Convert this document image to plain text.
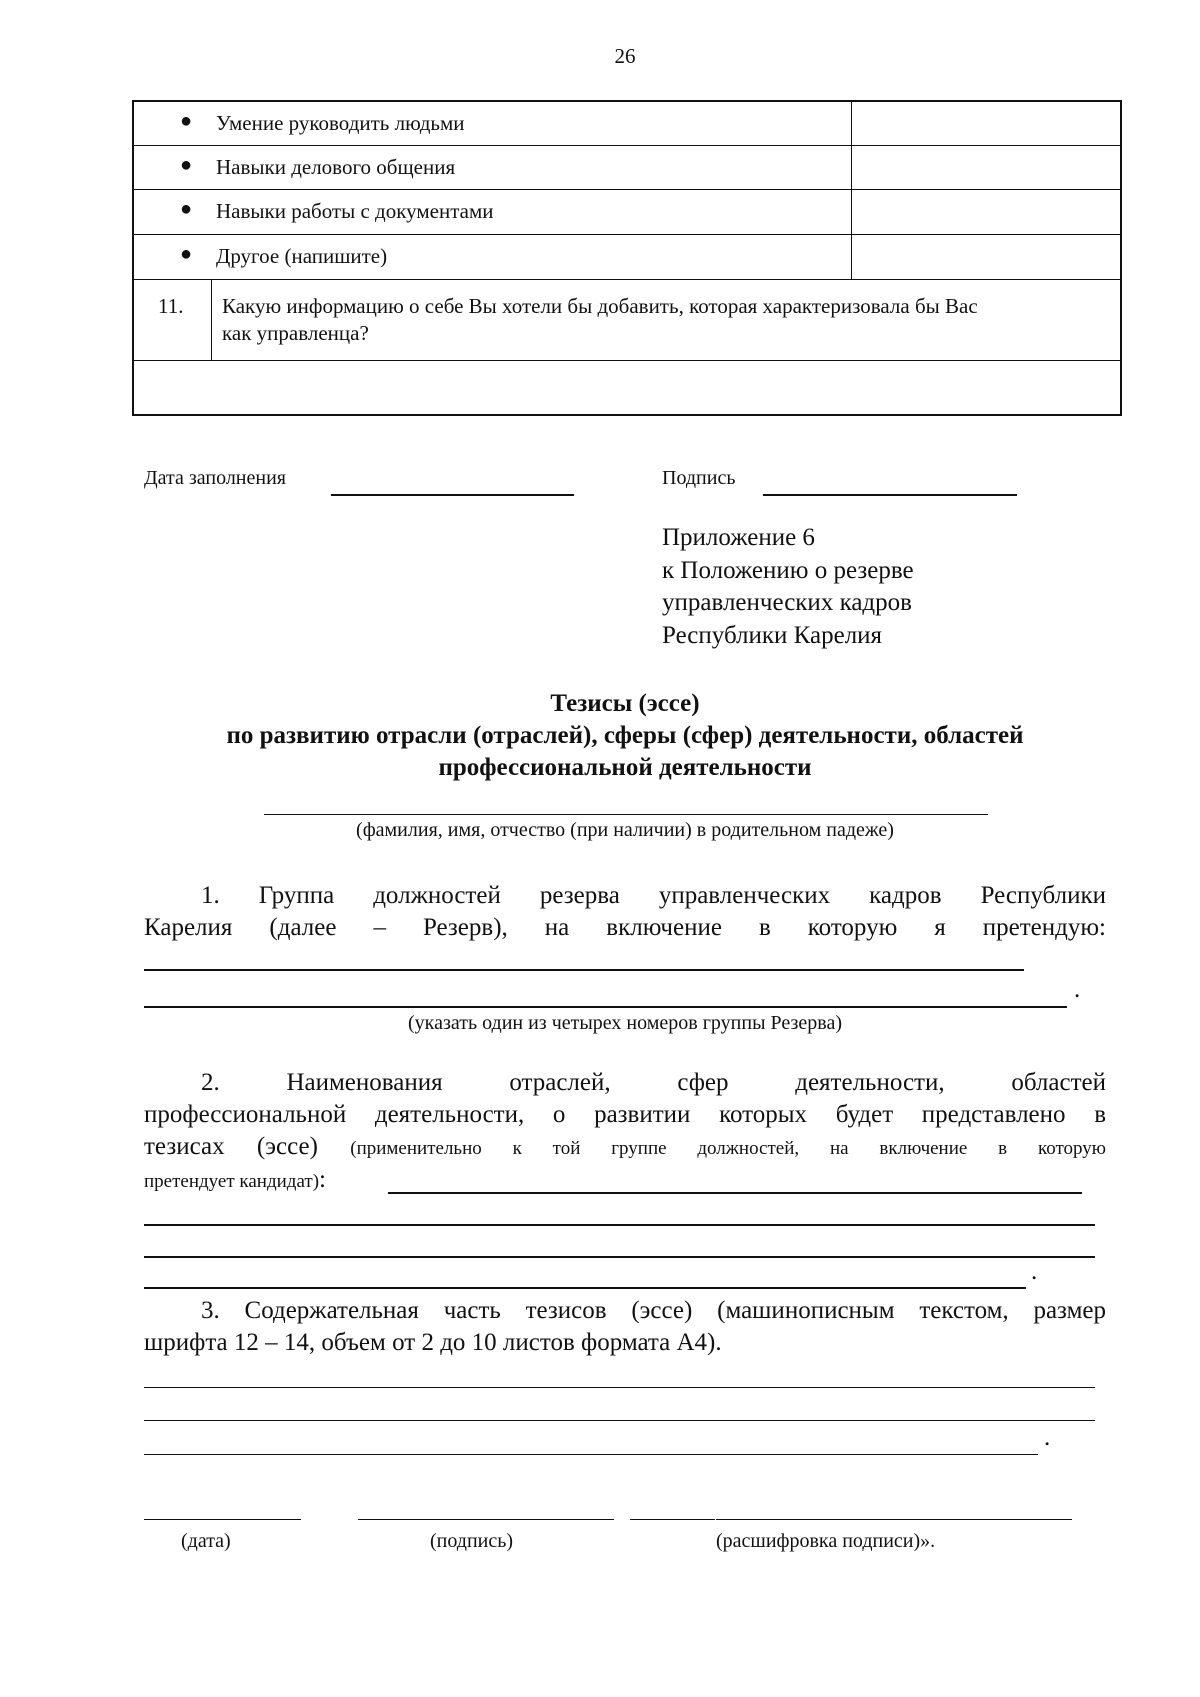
26
● Умение руководить людьми
● Навыки делового общения
● Навыки работы с документами
● Другое (напишите)
11. Какую информацию о себе Вы хотели бы добавить, которая характеризовала бы Вас
как управленца?
Дата заполнения	Подпись
Приложение 6
к Положению о резерве
управленческих кадров
Республики Карелия
Тезисы (эссе)
по развитию отрасли (отраслей), сферы (сфер) деятельности, областей
профессиональной деятельности
(фамилия, имя, отчество (при наличии) в родительном падеже)
1. Группа должностей резерва управленческих кадров Республики
Карелия (далее – Резерв), на включение в которую я претендую:
.
(указать один из четырех номеров группы Резерва)
2. Наименования отраслей, сфер деятельности, областей
профессиональной деятельности, о развитии которых будет представлено в
тезисах (эссе) (применительно к той группе должностей, на включение в которую
претендует кандидат):
.
3. Содержательная часть тезисов (эссе) (машинописным текстом, размер
шрифта 12 – 14, объем от 2 до 10 листов формата А4).
.
(дата)	(подпись)	(расшифровка подписи)».
